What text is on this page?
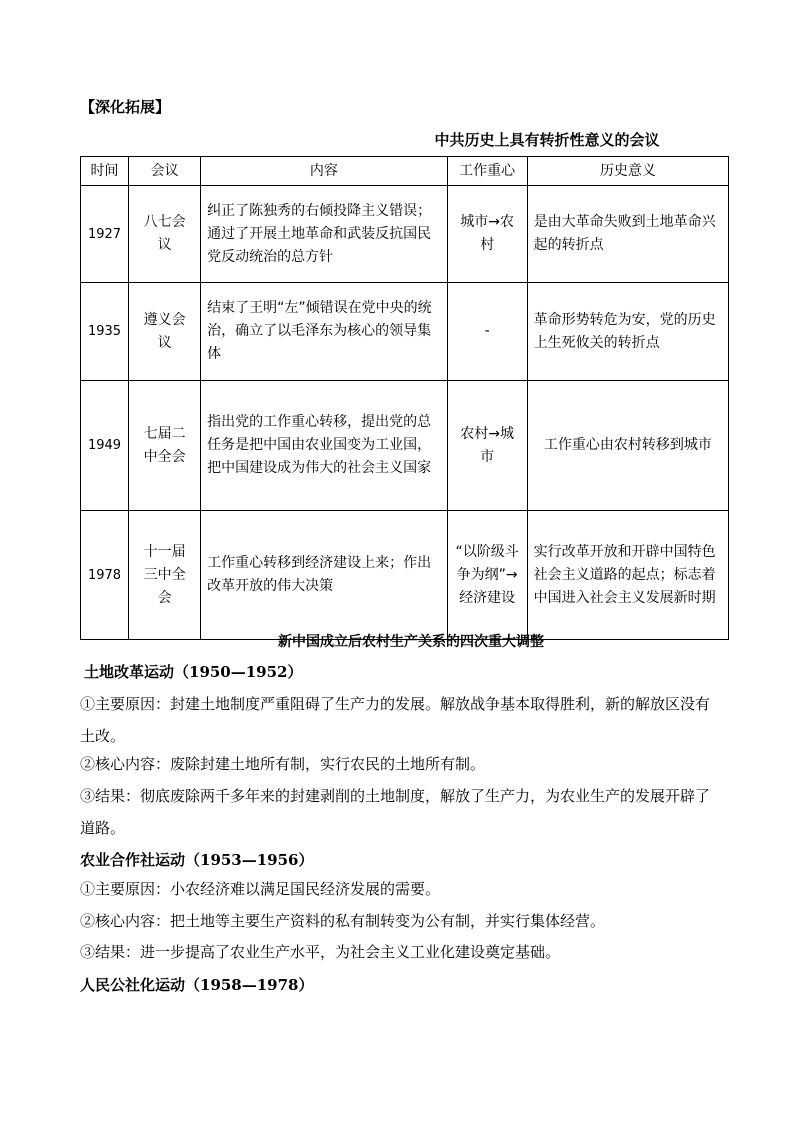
【深化拓展】
中共历史上具有转折性意义的会议
时间	会议	内容	工作重心	历史意义
1927	八七会议	纠正了陈独秀的右倾投降主义错误；通过了开展土地革命和武装反抗国民党反动统治的总方针	城市→农村	是由大革命失败到土地革命兴起的转折点
1935	遵义会议	结束了王明“左”倾错误在党中央的统治，确立了以毛泽东为核心的领导集体	-	革命形势转危为安，党的历史上生死攸关的转折点
1949	七届二中全会	指出党的工作重心转移，提出党的总任务是把中国由农业国变为工业国，把中国建设成为伟大的社会主义国家	农村→城市	工作重心由农村转移到城市
1978	十一届三中全会	工作重心转移到经济建设上来；作出改革开放的伟大决策	“以阶级斗争为纲”→经济建设	实行改革开放和开辟中国特色社会主义道路的起点；标志着中国进入社会主义发展新时期
新中国成立后农村生产关系的四次重大调整
土地改革运动（1950—1952）
①主要原因：封建土地制度严重阻碍了生产力的发展。解放战争基本取得胜利，新的解放区没有土改。
②核心内容：废除封建土地所有制，实行农民的土地所有制。
③结果：彻底废除两千多年来的封建剥削的土地制度，解放了生产力，为农业生产的发展开辟了道路。
农业合作社运动（1953—1956）
①主要原因：小农经济难以满足国民经济发展的需要。
②核心内容：把土地等主要生产资料的私有制转变为公有制，并实行集体经营。
③结果：进一步提高了农业生产水平，为社会主义工业化建设奠定基础。
人民公社化运动（1958—1978）
